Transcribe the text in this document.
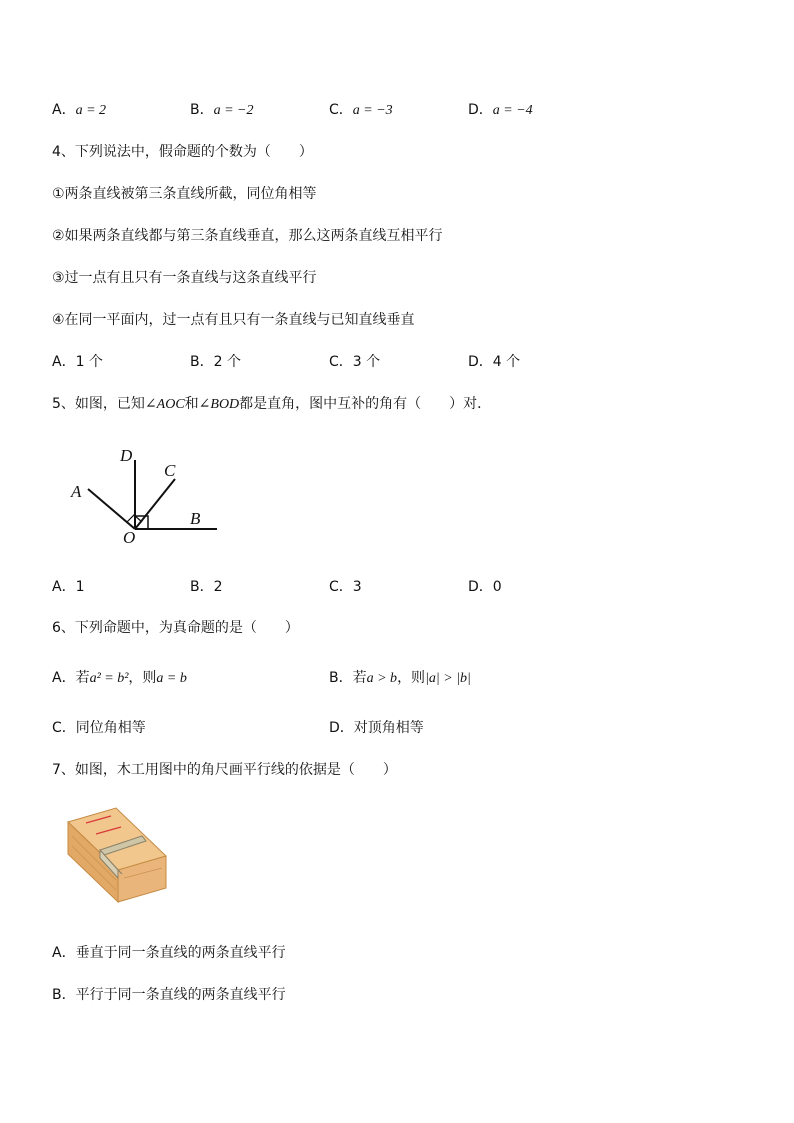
A．a = 2	B．a = −2	C．a = −3	D．a = −4
4、下列说法中，假命题的个数为（　　）
①两条直线被第三条直线所截，同位角相等
②如果两条直线都与第三条直线垂直，那么这两条直线互相平行
③过一点有且只有一条直线与这条直线平行
④在同一平面内，过一点有且只有一条直线与已知直线垂直
A．1 个	B．2 个	C．3 个	D．4 个
5、如图，已知∠AOC和∠BOD都是直角，图中互补的角有（　　）对．
D
C
A
B
O
A．1	B．2	C．3	D．0
6、下列命题中，为真命题的是（　　）
A．若a² = b²，则a = b	B．若a > b，则|a| > |b|
C．同位角相等	D．对顶角相等
7、如图，木工用图中的角尺画平行线的依据是（　　）
A．垂直于同一条直线的两条直线平行
B．平行于同一条直线的两条直线平行
